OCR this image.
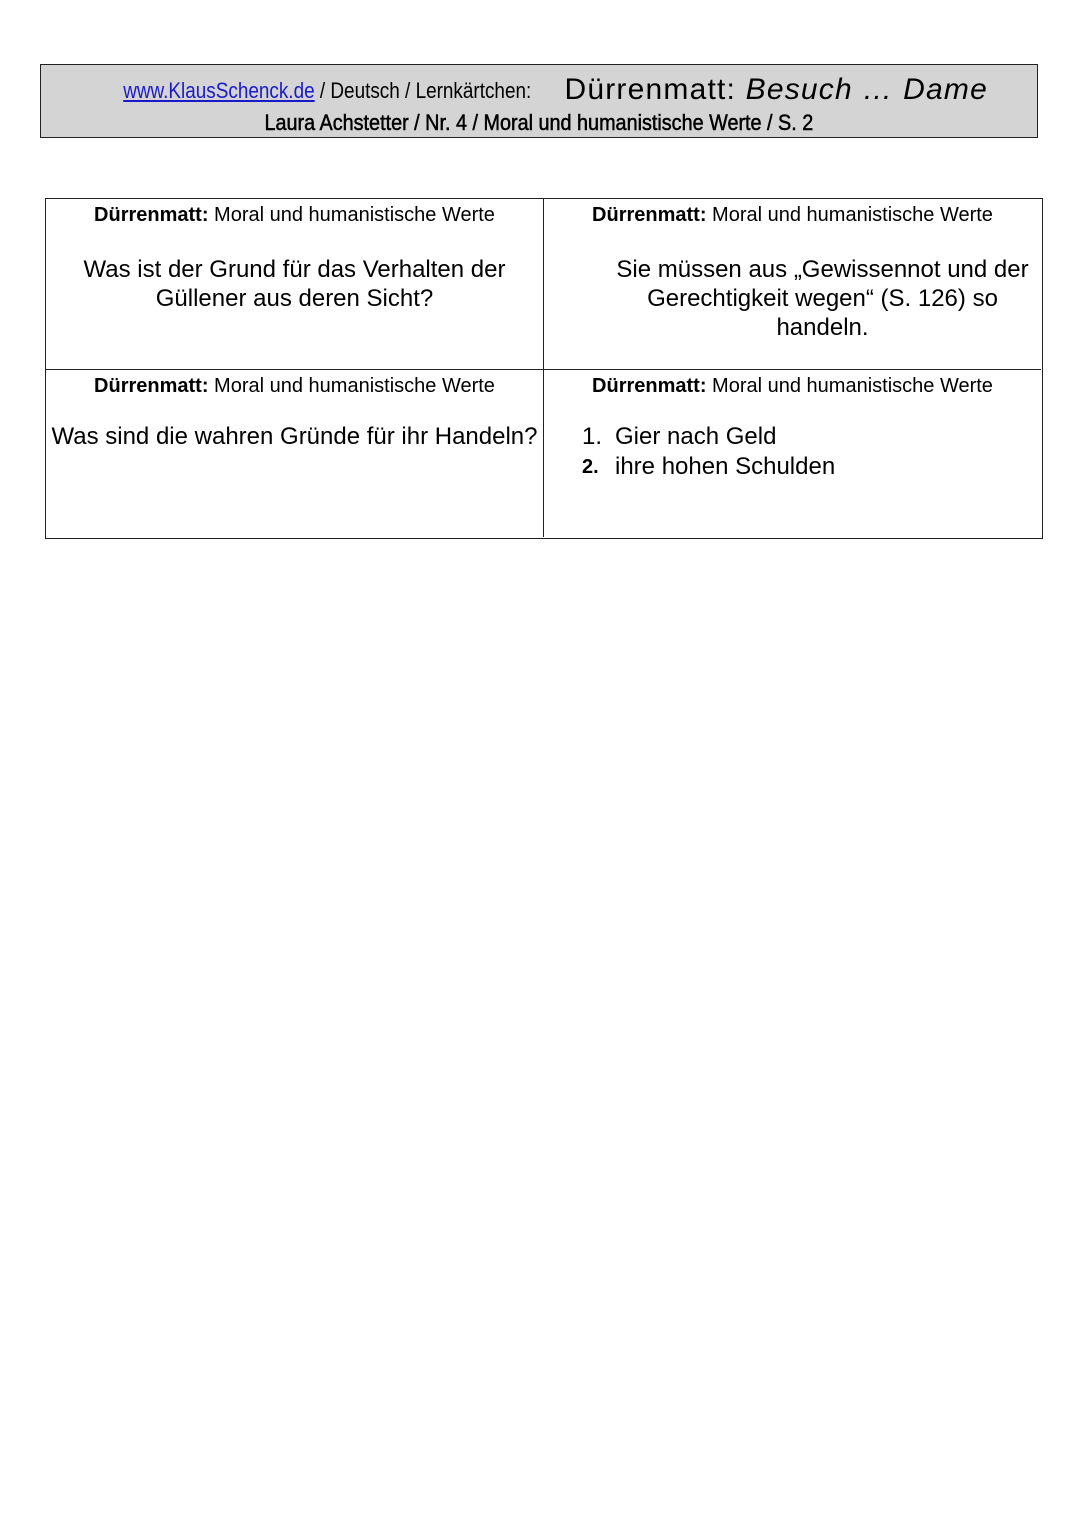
www.KlausSchenck.de / Deutsch / Lernkärtchen:Dürrenmatt: Besuch … Dame
Laura Achstetter / Nr. 4 / Moral und humanistische Werte / S. 2
Dürrenmatt: Moral und humanistische Werte
Was ist der Grund für das Verhalten der Güllener aus deren Sicht?
Dürrenmatt: Moral und humanistische Werte
Sie müssen aus „Gewissennot und der Gerechtigkeit wegen“ (S. 126) so handeln.
Dürrenmatt: Moral und humanistische Werte
Was sind die wahren Gründe für ihr Handeln?
Dürrenmatt: Moral und humanistische Werte
1. Gier nach Geld
2. ihre hohen Schulden
